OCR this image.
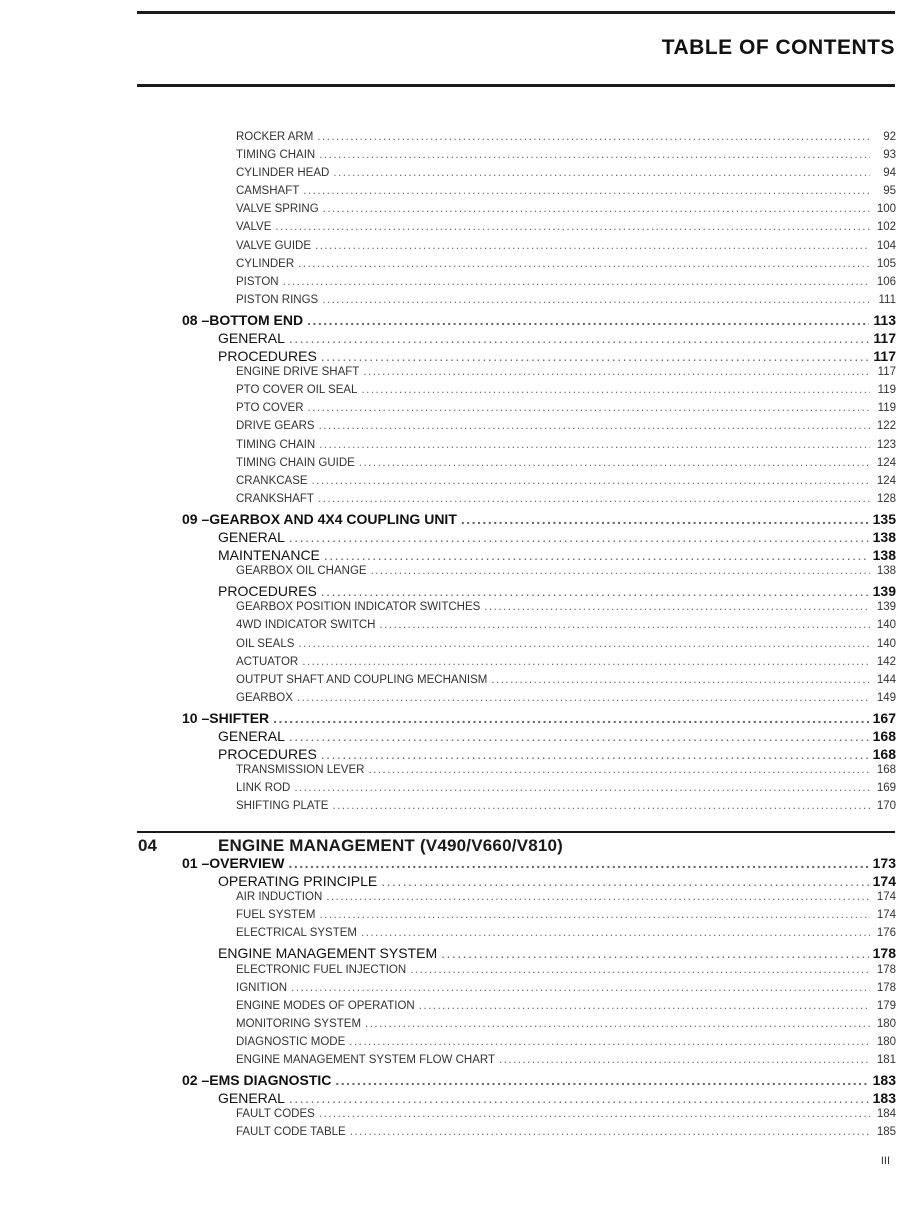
TABLE OF CONTENTS
ROCKER ARM .....	92
TIMING CHAIN .....	93
CYLINDER HEAD .....	94
CAMSHAFT .....	95
VALVE SPRING .....	100
VALVE .....	102
VALVE GUIDE .....	104
CYLINDER .....	105
PISTON .....	106
PISTON RINGS .....	111
08 – BOTTOM END .....	113
GENERAL .....	117
PROCEDURES .....	117
ENGINE DRIVE SHAFT .....	117
PTO COVER OIL SEAL .....	119
PTO COVER .....	119
DRIVE GEARS .....	122
TIMING CHAIN .....	123
TIMING CHAIN GUIDE .....	124
CRANKCASE .....	124
CRANKSHAFT .....	128
09 – GEARBOX AND 4X4 COUPLING UNIT .....	135
GENERAL .....	138
MAINTENANCE .....	138
GEARBOX OIL CHANGE .....	138
PROCEDURES .....	139
GEARBOX POSITION INDICATOR SWITCHES .....	139
4WD INDICATOR SWITCH .....	140
OIL SEALS .....	140
ACTUATOR .....	142
OUTPUT SHAFT AND COUPLING MECHANISM .....	144
GEARBOX .....	149
10 – SHIFTER .....	167
GENERAL .....	168
PROCEDURES .....	168
TRANSMISSION LEVER .....	168
LINK ROD .....	169
SHIFTING PLATE .....	170
01 – OVERVIEW .....	173
OPERATING PRINCIPLE .....	174
AIR INDUCTION .....	174
FUEL SYSTEM .....	174
ELECTRICAL SYSTEM .....	176
ENGINE MANAGEMENT SYSTEM .....	178
ELECTRONIC FUEL INJECTION .....	178
IGNITION .....	178
ENGINE MODES OF OPERATION .....	179
MONITORING SYSTEM .....	180
DIAGNOSTIC MODE .....	180
ENGINE MANAGEMENT SYSTEM FLOW CHART .....	181
02 – EMS DIAGNOSTIC .....	183
GENERAL .....	183
FAULT CODES .....	184
FAULT CODE TABLE .....	185
04	ENGINE MANAGEMENT (V490/V660/V810)
III
